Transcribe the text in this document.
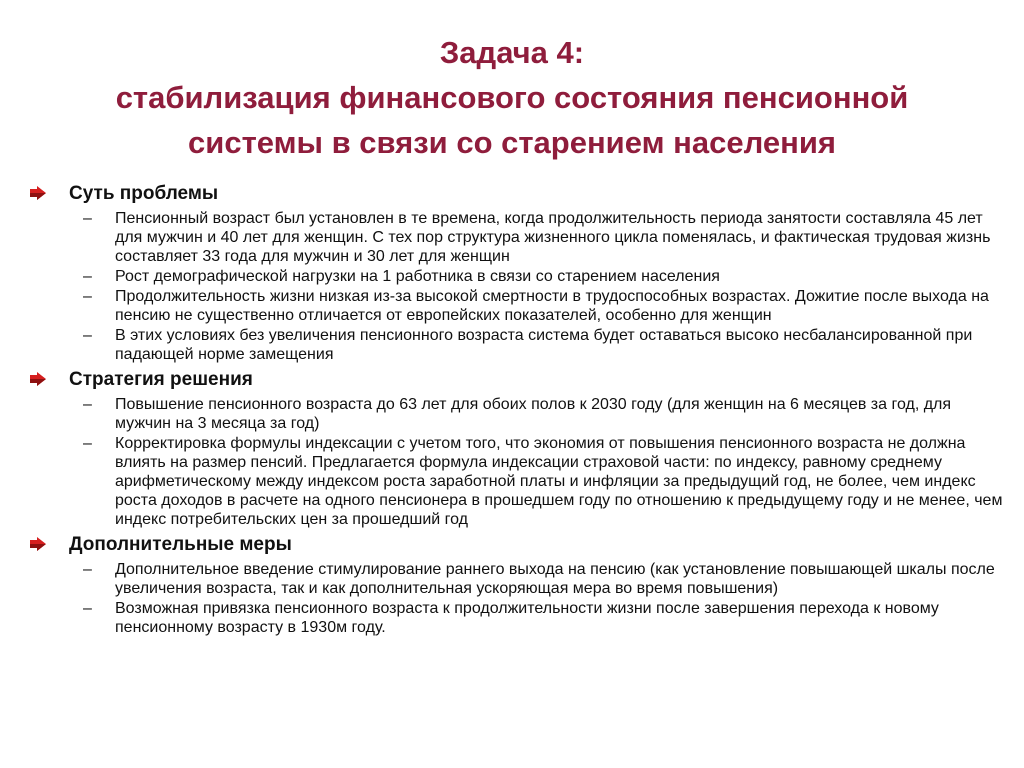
Задача 4:
стабилизация финансового состояния пенсионной
системы в связи со старением населения
Суть проблемы
– Пенсионный возраст был установлен в те времена, когда продолжительность периода занятости составляла 45 лет для мужчин и 40 лет для женщин. С тех пор структура жизненного цикла поменялась, и фактическая трудовая жизнь составляет 33 года для мужчин и 30 лет для женщин
– Рост демографической нагрузки на 1 работника в связи со старением населения
– Продолжительность жизни низкая из-за высокой смертности в трудоспособных возрастах. Дожитие после выхода на пенсию не существенно отличается от европейских показателей, особенно для женщин
– В этих условиях без увеличения пенсионного возраста система будет оставаться высоко несбалансированной при падающей норме замещения
Стратегия решения
– Повышение пенсионного возраста до 63 лет для обоих полов к 2030 году (для женщин на 6 месяцев за год, для мужчин на 3 месяца за год)
– Корректировка формулы индексации с учетом того, что экономия от повышения пенсионного возраста не должна влиять на размер пенсий. Предлагается формула индексации страховой части: по индексу, равному среднему арифметическому между индексом роста заработной платы и инфляции за предыдущий год, не более, чем индекс роста доходов в расчете на одного пенсионера в прошедшем году по отношению к предыдущему году и не менее, чем индекс потребительских цен за прошедший год
Дополнительные меры
– Дополнительное введение стимулирование раннего выхода на пенсию (как установление повышающей шкалы после увеличения возраста, так и как дополнительная ускоряющая мера во время повышения)
– Возможная привязка пенсионного возраста к продолжительности жизни после завершения перехода к новому пенсионному возрасту в 1930м году.
